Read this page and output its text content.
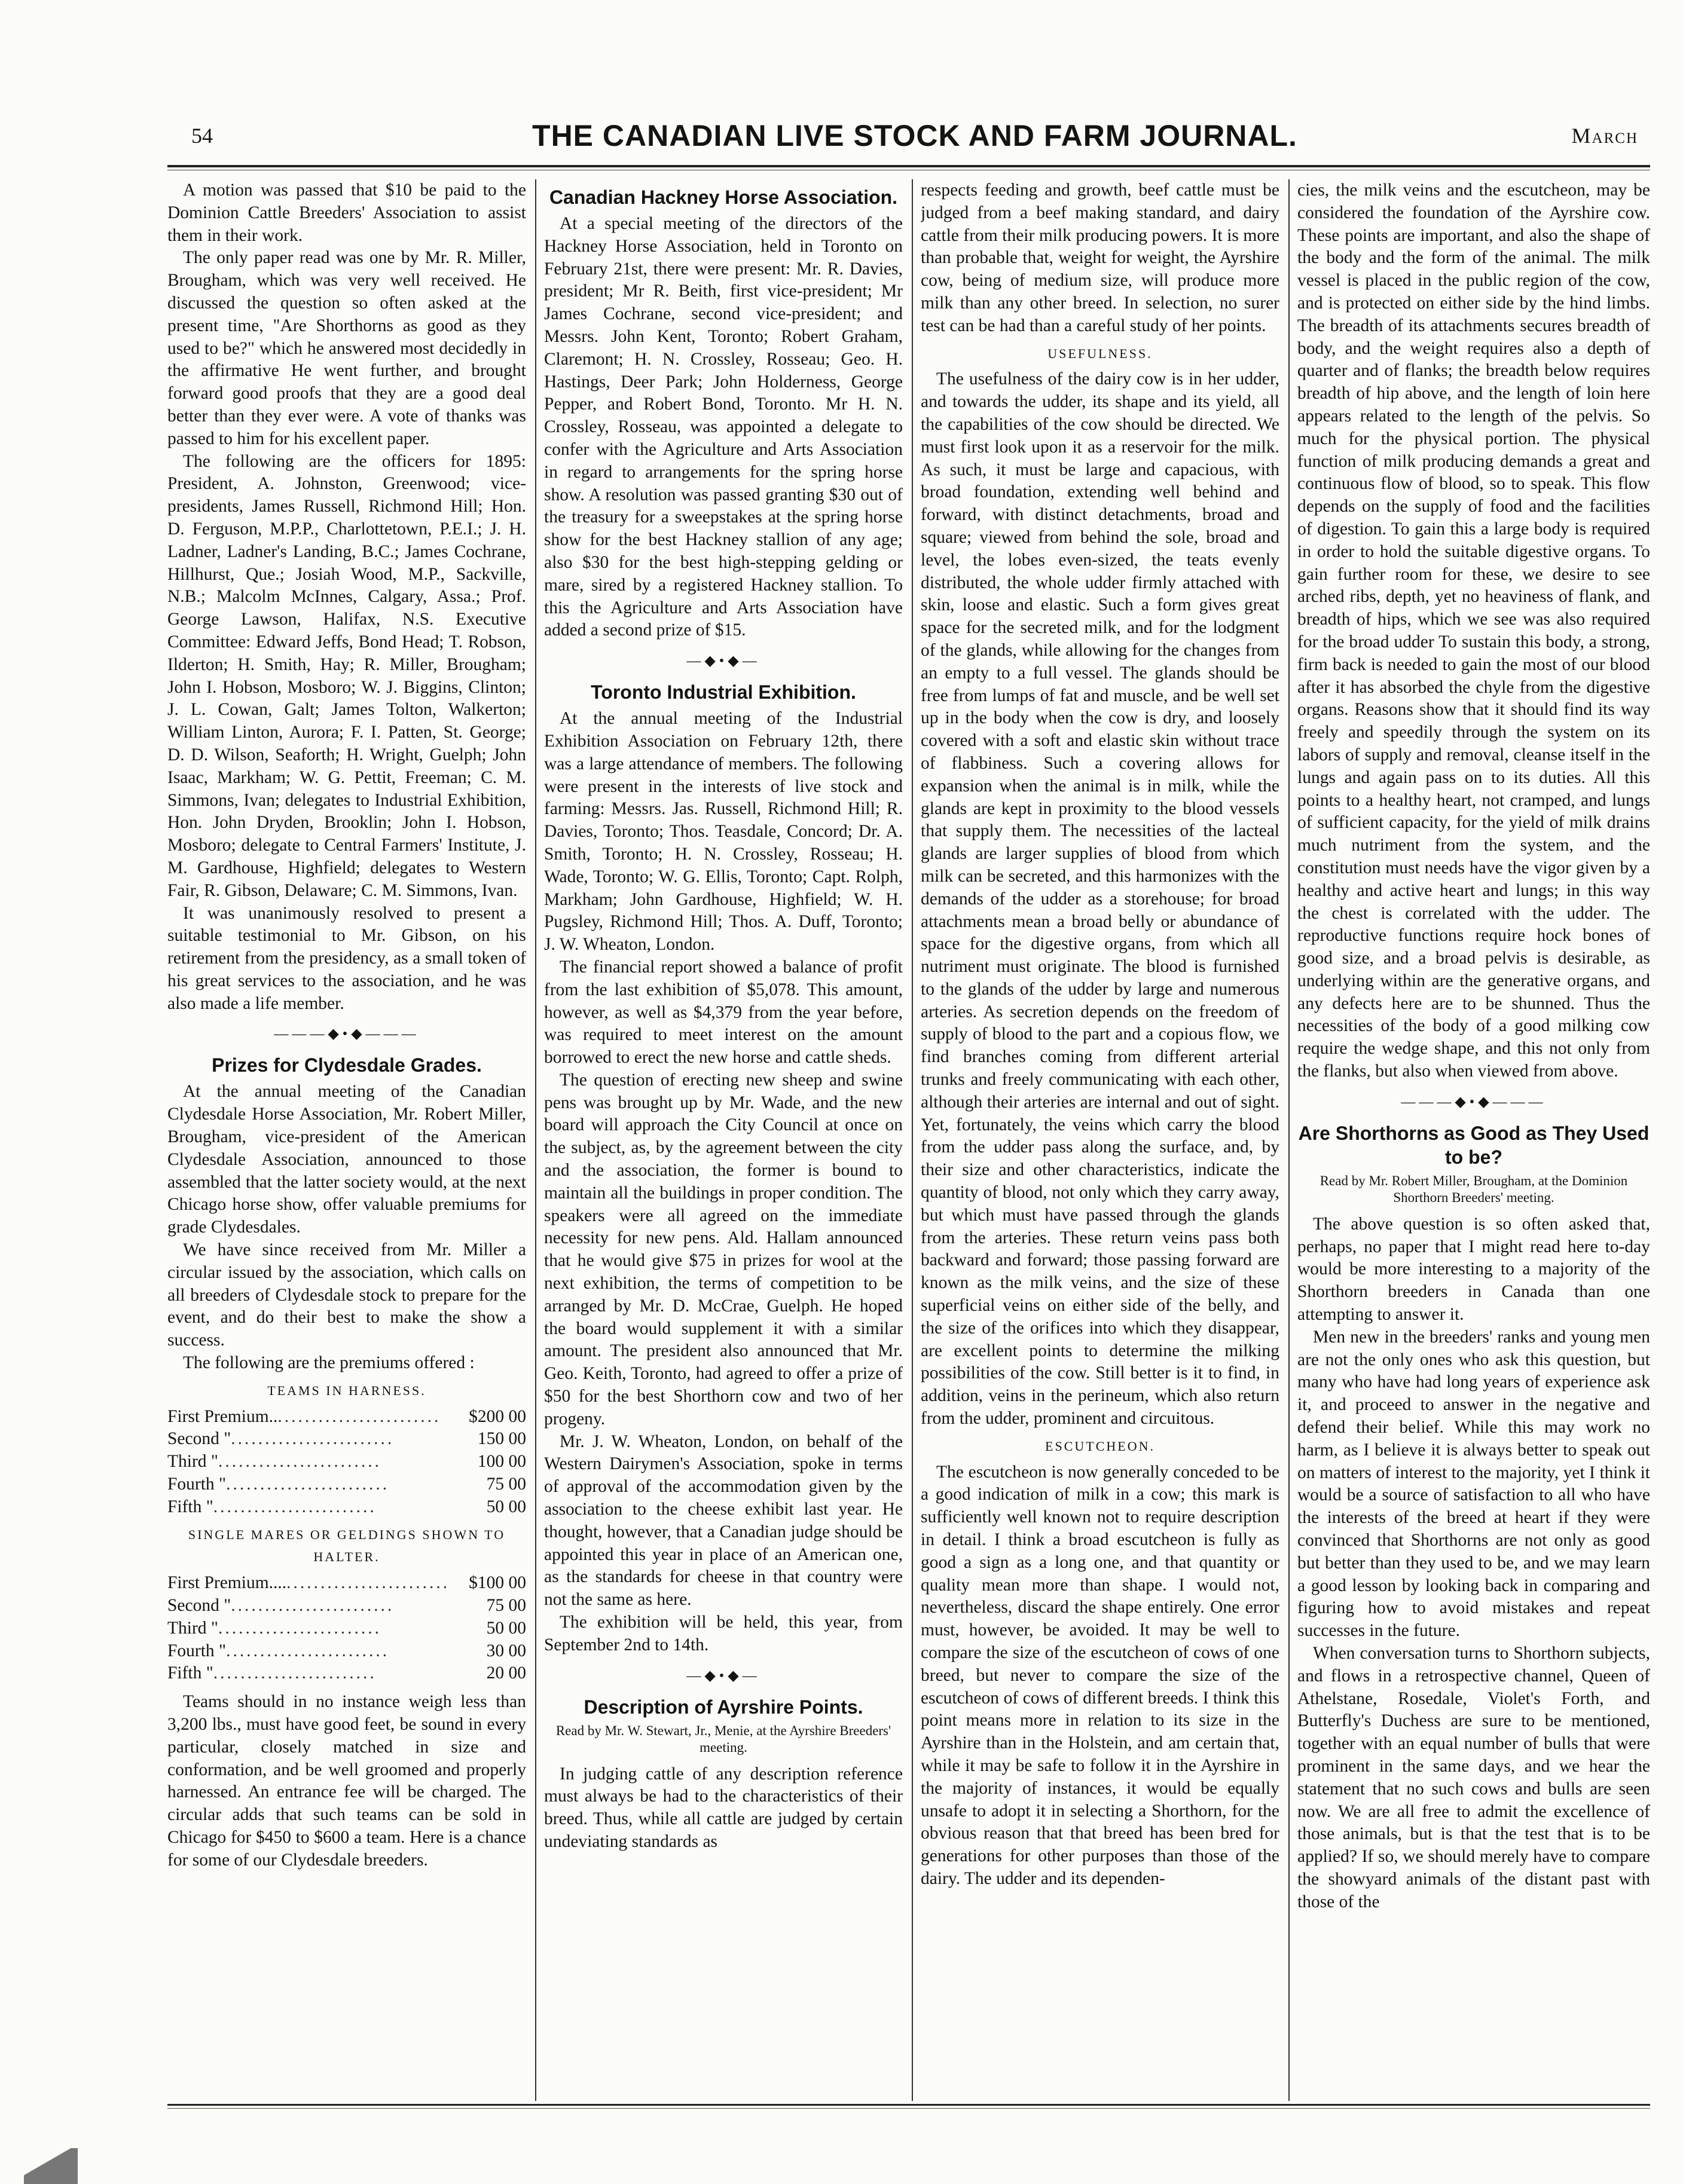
54	THE CANADIAN LIVE STOCK AND FARM JOURNAL.	March

A motion was passed that $10 be paid to the Dominion Cattle Breeders' Association to assist them in their work.

The only paper read was one by Mr. R. Miller, Brougham, which was very well received. He discussed the question so often asked at the present time, "Are Shorthorns as good as they used to be?" which he answered most decidedly in the affirmative He went further, and brought forward good proofs that they are a good deal better than they ever were. A vote of thanks was passed to him for his excellent paper.

The following are the officers for 1895: President, A. Johnston, Greenwood; vice-presidents, James Russell, Richmond Hill; Hon. D. Ferguson, M.P.P., Charlottetown, P.E.I.; J. H. Ladner, Ladner's Landing, B.C.; James Cochrane, Hillhurst, Que.; Josiah Wood, M.P., Sackville, N.B.; Malcolm McInnes, Calgary, Assa.; Prof. George Lawson, Halifax, N.S. Executive Committee: Edward Jeffs, Bond Head; T. Robson, Ilderton; H. Smith, Hay; R. Miller, Brougham; John I. Hobson, Mosboro; W. J. Biggins, Clinton; J. L. Cowan, Galt; James Tolton, Walkerton; William Linton, Aurora; F. I. Patten, St. George; D. D. Wilson, Seaforth; H. Wright, Guelph; John Isaac, Markham; W. G. Pettit, Freeman; C. M. Simmons, Ivan; delegates to Industrial Exhibition, Hon. John Dryden, Brooklin; John I. Hobson, Mosboro; delegate to Central Farmers' Institute, J. M. Gardhouse, Highfield; delegates to Western Fair, R. Gibson, Delaware; C. M. Simmons, Ivan.

It was unanimously resolved to present a suitable testimonial to Mr. Gibson, on his retirement from the presidency, as a small token of his great services to the association, and he was also made a life member.

———◆•◆———
Prizes for Clydesdale Grades.

At the annual meeting of the Canadian Clydesdale Horse Association, Mr. Robert Miller, Brougham, vice-president of the American Clydesdale Association, announced to those assembled that the latter society would, at the next Chicago horse show, offer valuable premiums for grade Clydesdales.

We have since received from Mr. Miller a circular issued by the association, which calls on all breeders of Clydesdale stock to prepare for the event, and do their best to make the show a success.

The following are the premiums offered :

TEAMS IN HARNESS.
First Premium.. ........................	$200 00
Second " ........................	150 00
Third " ........................	100 00
Fourth " ........................	75 00
Fifth " ........................	50 00
SINGLE MARES OR GELDINGS SHOWN TO HALTER.
First Premium.... ........................	$100 00
Second " ........................	75 00
Third " ........................	50 00
Fourth " ........................	30 00
Fifth " ........................	20 00

Teams should in no instance weigh less than 3,200 lbs., must have good feet, be sound in every particular, closely matched in size and conformation, and be well groomed and properly harnessed. An entrance fee will be charged. The circular adds that such teams can be sold in Chicago for $450 to $600 a team. Here is a chance for some of our Clydesdale breeders.

Canadian Hackney Horse Association.

At a special meeting of the directors of the Hackney Horse Association, held in Toronto on February 21st, there were present: Mr. R. Davies, president; Mr R. Beith, first vice-president; Mr James Cochrane, second vice-president; and Messrs. John Kent, Toronto; Robert Graham, Claremont; H. N. Crossley, Rosseau; Geo. H. Hastings, Deer Park; John Holderness, George Pepper, and Robert Bond, Toronto. Mr H. N. Crossley, Rosseau, was appointed a delegate to confer with the Agriculture and Arts Association in regard to arrangements for the spring horse show. A resolution was passed granting $30 out of the treasury for a sweepstakes at the spring horse show for the best Hackney stallion of any age; also $30 for the best high-stepping gelding or mare, sired by a registered Hackney stallion. To this the Agriculture and Arts Association have added a second prize of $15.

—◆•◆—
Toronto Industrial Exhibition.

At the annual meeting of the Industrial Exhibition Association on February 12th, there was a large attendance of members. The following were present in the interests of live stock and farming: Messrs. Jas. Russell, Richmond Hill; R. Davies, Toronto; Thos. Teasdale, Concord; Dr. A. Smith, Toronto; H. N. Crossley, Rosseau; H. Wade, Toronto; W. G. Ellis, Toronto; Capt. Rolph, Markham; John Gardhouse, Highfield; W. H. Pugsley, Richmond Hill; Thos. A. Duff, Toronto; J. W. Wheaton, London.

The financial report showed a balance of profit from the last exhibition of $5,078. This amount, however, as well as $4,379 from the year before, was required to meet interest on the amount borrowed to erect the new horse and cattle sheds.

The question of erecting new sheep and swine pens was brought up by Mr. Wade, and the new board will approach the City Council at once on the subject, as, by the agreement between the city and the association, the former is bound to maintain all the buildings in proper condition. The speakers were all agreed on the immediate necessity for new pens. Ald. Hallam announced that he would give $75 in prizes for wool at the next exhibition, the terms of competition to be arranged by Mr. D. McCrae, Guelph. He hoped the board would supplement it with a similar amount. The president also announced that Mr. Geo. Keith, Toronto, had agreed to offer a prize of $50 for the best Shorthorn cow and two of her progeny.

Mr. J. W. Wheaton, London, on behalf of the Western Dairymen's Association, spoke in terms of approval of the accommodation given by the association to the cheese exhibit last year. He thought, however, that a Canadian judge should be appointed this year in place of an American one, as the standards for cheese in that country were not the same as here.

The exhibition will be held, this year, from September 2nd to 14th.

—◆•◆—
Description of Ayrshire Points.
Read by Mr. W. Stewart, Jr., Menie, at the Ayrshire Breeders' meeting.

In judging cattle of any description reference must always be had to the characteristics of their breed. Thus, while all cattle are judged by certain undeviating standards as

respects feeding and growth, beef cattle must be judged from a beef making standard, and dairy cattle from their milk producing powers. It is more than probable that, weight for weight, the Ayrshire cow, being of medium size, will produce more milk than any other breed. In selection, no surer test can be had than a careful study of her points.

USEFULNESS.

The usefulness of the dairy cow is in her udder, and towards the udder, its shape and its yield, all the capabilities of the cow should be directed. We must first look upon it as a reservoir for the milk. As such, it must be large and capacious, with broad foundation, extending well behind and forward, with distinct detachments, broad and square; viewed from behind the sole, broad and level, the lobes even-sized, the teats evenly distributed, the whole udder firmly attached with skin, loose and elastic. Such a form gives great space for the secreted milk, and for the lodgment of the glands, while allowing for the changes from an empty to a full vessel. The glands should be free from lumps of fat and muscle, and be well set up in the body when the cow is dry, and loosely covered with a soft and elastic skin without trace of flabbiness. Such a covering allows for expansion when the animal is in milk, while the glands are kept in proximity to the blood vessels that supply them. The necessities of the lacteal glands are larger supplies of blood from which milk can be secreted, and this harmonizes with the demands of the udder as a storehouse; for broad attachments mean a broad belly or abundance of space for the digestive organs, from which all nutriment must originate. The blood is furnished to the glands of the udder by large and numerous arteries. As secretion depends on the freedom of supply of blood to the part and a copious flow, we find branches coming from different arterial trunks and freely communicating with each other, although their arteries are internal and out of sight. Yet, fortunately, the veins which carry the blood from the udder pass along the surface, and, by their size and other characteristics, indicate the quantity of blood, not only which they carry away, but which must have passed through the glands from the arteries. These return veins pass both backward and forward; those passing forward are known as the milk veins, and the size of these superficial veins on either side of the belly, and the size of the orifices into which they disappear, are excellent points to determine the milking possibilities of the cow. Still better is it to find, in addition, veins in the perineum, which also return from the udder, prominent and circuitous.

ESCUTCHEON.

The escutcheon is now generally conceded to be a good indication of milk in a cow; this mark is sufficiently well known not to require description in detail. I think a broad escutcheon is fully as good a sign as a long one, and that quantity or quality mean more than shape. I would not, nevertheless, discard the shape entirely. One error must, however, be avoided. It may be well to compare the size of the escutcheon of cows of one breed, but never to compare the size of the escutcheon of cows of different breeds. I think this point means more in relation to its size in the Ayrshire than in the Holstein, and am certain that, while it may be safe to follow it in the Ayrshire in the majority of instances, it would be equally unsafe to adopt it in selecting a Shorthorn, for the obvious reason that that breed has been bred for generations for other purposes than those of the dairy. The udder and its dependen-

cies, the milk veins and the escutcheon, may be considered the foundation of the Ayrshire cow. These points are important, and also the shape of the body and the form of the animal. The milk vessel is placed in the public region of the cow, and is protected on either side by the hind limbs. The breadth of its attachments secures breadth of body, and the weight requires also a depth of quarter and of flanks; the breadth below requires breadth of hip above, and the length of loin here appears related to the length of the pelvis. So much for the physical portion. The physical function of milk producing demands a great and continuous flow of blood, so to speak. This flow depends on the supply of food and the facilities of digestion. To gain this a large body is required in order to hold the suitable digestive organs. To gain further room for these, we desire to see arched ribs, depth, yet no heaviness of flank, and breadth of hips, which we see was also required for the broad udder To sustain this body, a strong, firm back is needed to gain the most of our blood after it has absorbed the chyle from the digestive organs. Reasons show that it should find its way freely and speedily through the system on its labors of supply and removal, cleanse itself in the lungs and again pass on to its duties. All this points to a healthy heart, not cramped, and lungs of sufficient capacity, for the yield of milk drains much nutriment from the system, and the constitution must needs have the vigor given by a healthy and active heart and lungs; in this way the chest is correlated with the udder. The reproductive functions require hock bones of good size, and a broad pelvis is desirable, as underlying within are the generative organs, and any defects here are to be shunned. Thus the necessities of the body of a good milking cow require the wedge shape, and this not only from the flanks, but also when viewed from above.

———◆•◆———
Are Shorthorns as Good as They Used to be?
Read by Mr. Robert Miller, Brougham, at the Dominion Shorthorn Breeders' meeting.

The above question is so often asked that, perhaps, no paper that I might read here to-day would be more interesting to a majority of the Shorthorn breeders in Canada than one attempting to answer it.

Men new in the breeders' ranks and young men are not the only ones who ask this question, but many who have had long years of experience ask it, and proceed to answer in the negative and defend their belief. While this may work no harm, as I believe it is always better to speak out on matters of interest to the majority, yet I think it would be a source of satisfaction to all who have the interests of the breed at heart if they were convinced that Shorthorns are not only as good but better than they used to be, and we may learn a good lesson by looking back in comparing and figuring how to avoid mistakes and repeat successes in the future.

When conversation turns to Shorthorn subjects, and flows in a retrospective channel, Queen of Athelstane, Rosedale, Violet's Forth, and Butterfly's Duchess are sure to be mentioned, together with an equal number of bulls that were prominent in the same days, and we hear the statement that no such cows and bulls are seen now. We are all free to admit the excellence of those animals, but is that the test that is to be applied? If so, we should merely have to compare the showyard animals of the distant past with those of the
